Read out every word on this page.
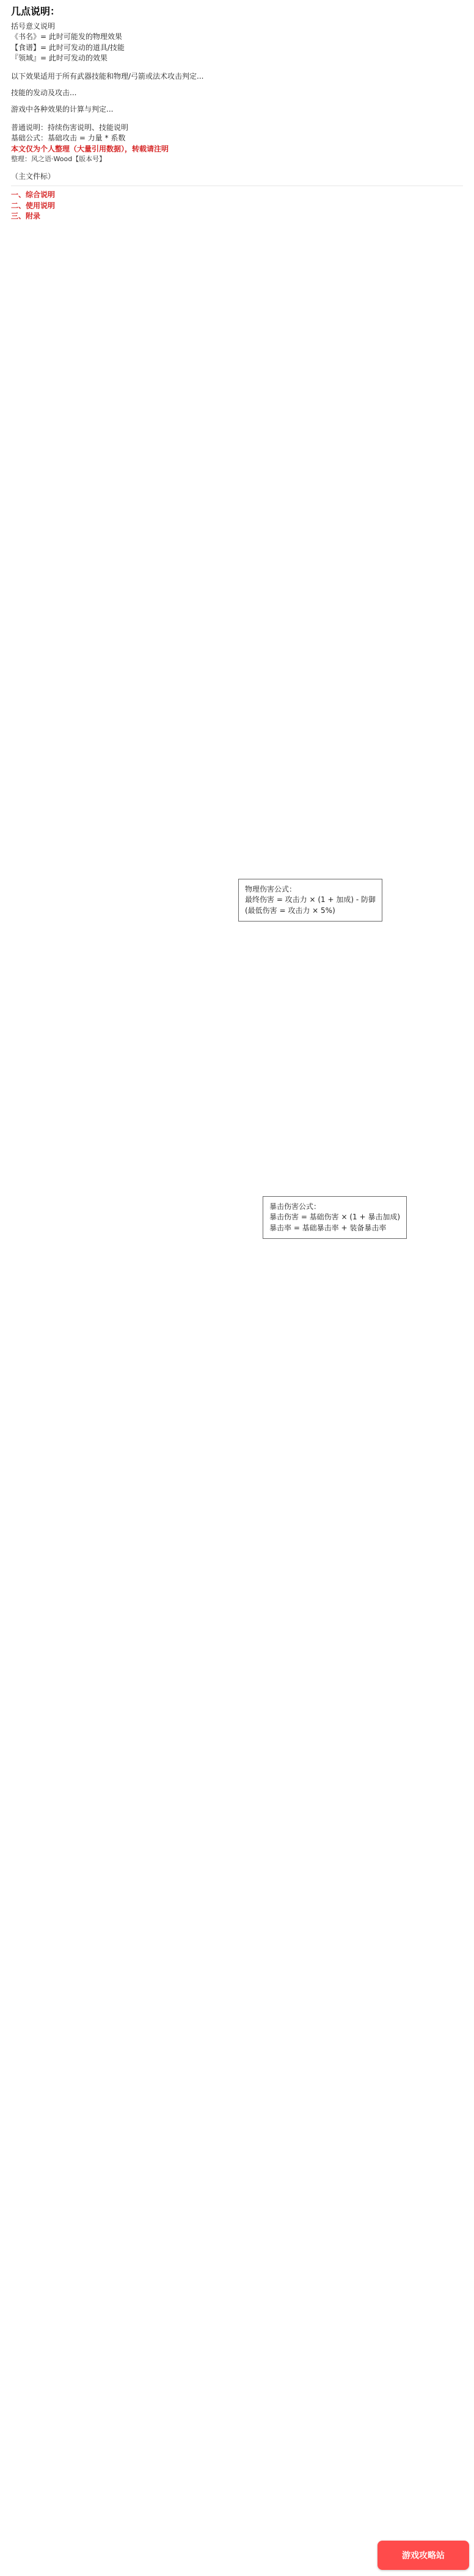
几点说明：

括号意义说明

《书名》= 此时可能发的物理效果

【食谱】= 此时可发动的道具/技能

『领域』= 此时可发动的效果

以下效果适用于所有武器技能和物理/弓箭或法术攻击判定...

技能的发动及攻击...

游戏中各种效果的计算与判定...

普通说明：持续伤害说明、技能说明

基础公式：基础攻击 = 力量 * 系数

本文仅为个人整理（大量引用数据），转载请注明

整理：风之语·Wood【版本号】

（主文件标）

一、综合说明

二、使用说明

三、附录

物理伤害公式：
最终伤害 = 攻击力 × (1 + 加成) - 防御
(最低伤害 = 攻击力 × 5%)
暴击伤害公式：
暴击伤害 = 基础伤害 × (1 + 暴击加成)
暴击率 = 基础暴击率 + 装备暴击率
游戏攻略站
